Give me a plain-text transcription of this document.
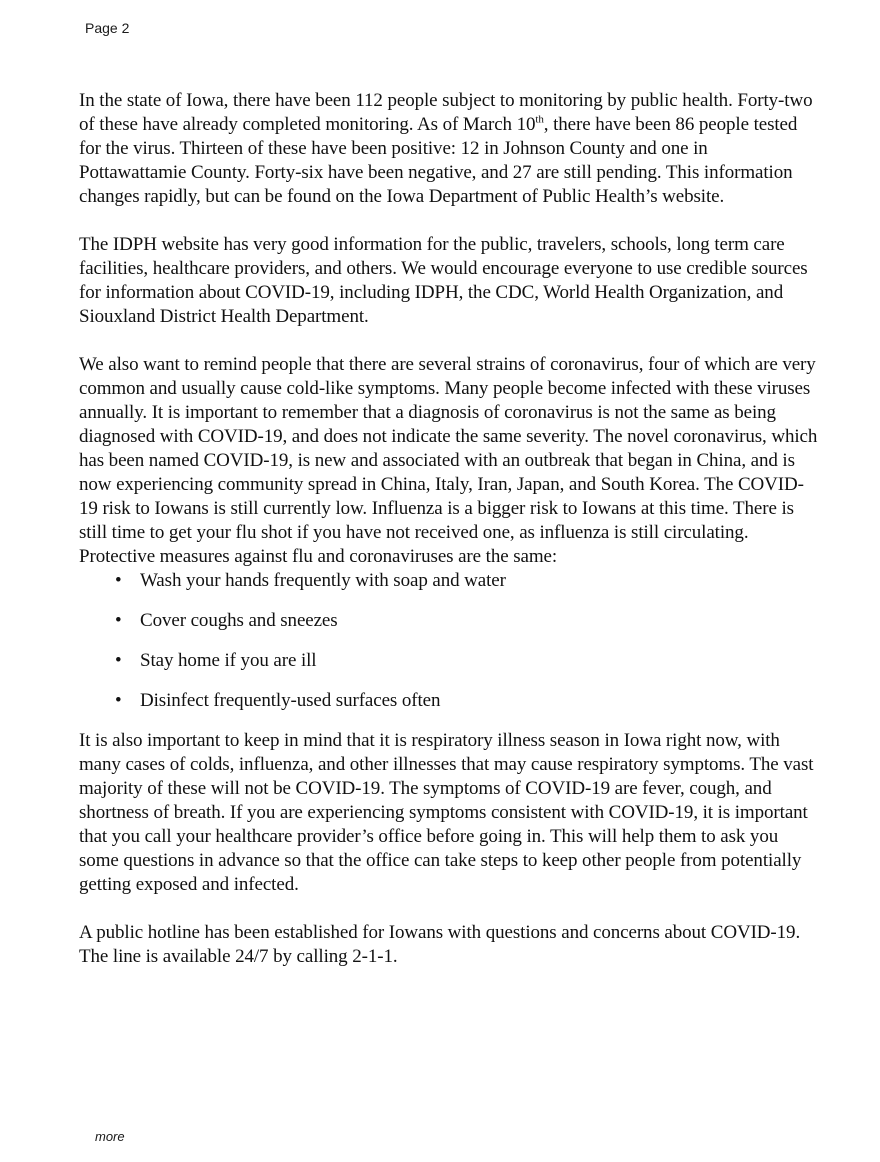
Page 2

In the state of Iowa, there have been 112 people subject to monitoring by public health. Forty-two of these have already completed monitoring. As of March 10th, there have been 86 people tested for the virus. Thirteen of these have been positive: 12 in Johnson County and one in Pottawattamie County. Forty-six have been negative, and 27 are still pending. This information changes rapidly, but can be found on the Iowa Department of Public Health’s website.

The IDPH website has very good information for the public, travelers, schools, long term care facilities, healthcare providers, and others. We would encourage everyone to use credible sources for information about COVID-19, including IDPH, the CDC, World Health Organization, and Siouxland District Health Department.

We also want to remind people that there are several strains of coronavirus, four of which are very common and usually cause cold-like symptoms. Many people become infected with these viruses annually. It is important to remember that a diagnosis of coronavirus is not the same as being diagnosed with COVID-19, and does not indicate the same severity. The novel coronavirus, which has been named COVID-19, is new and associated with an outbreak that began in China, and is now experiencing community spread in China, Italy, Iran, Japan, and South Korea. The COVID-19 risk to Iowans is still currently low. Influenza is a bigger risk to Iowans at this time. There is still time to get your flu shot if you have not received one, as influenza is still circulating. Protective measures against flu and coronaviruses are the same:

• Wash your hands frequently with soap and water
• Cover coughs and sneezes
• Stay home if you are ill
• Disinfect frequently-used surfaces often

It is also important to keep in mind that it is respiratory illness season in Iowa right now, with many cases of colds, influenza, and other illnesses that may cause respiratory symptoms. The vast majority of these will not be COVID-19. The symptoms of COVID-19 are fever, cough, and shortness of breath. If you are experiencing symptoms consistent with COVID-19, it is important that you call your healthcare provider’s office before going in. This will help them to ask you some questions in advance so that the office can take steps to keep other people from potentially getting exposed and infected.

A public hotline has been established for Iowans with questions and concerns about COVID-19. The line is available 24/7 by calling 2-1-1.

more
